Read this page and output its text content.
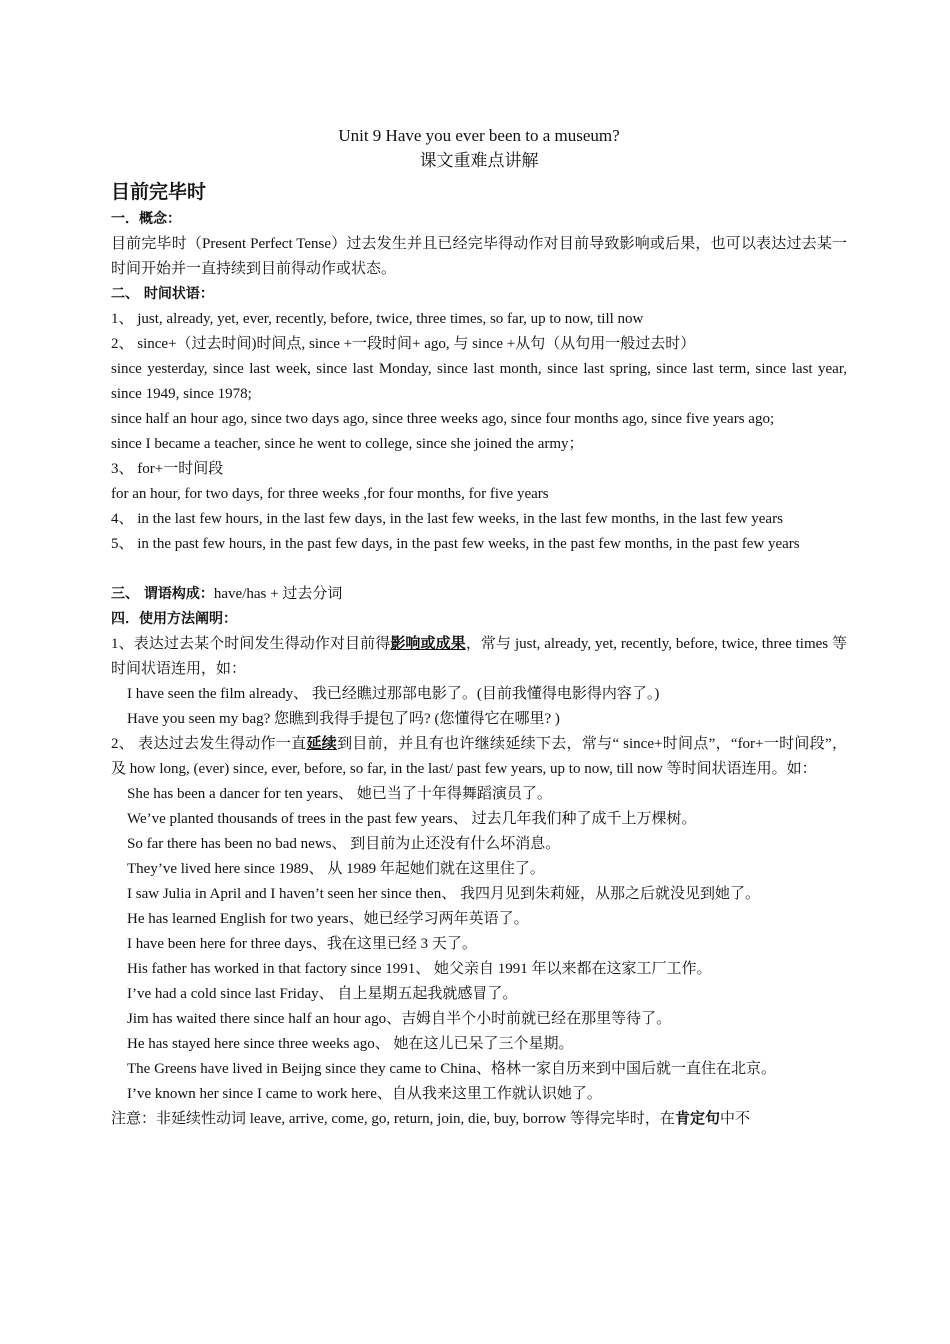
Unit 9 Have you ever been to a museum?
课文重难点讲解
目前完毕时
一．概念：

目前完毕时（Present Perfect Tense）过去发生并且已经完毕得动作对目前导致影响或后果，也可以表达过去某一时间开始并一直持续到目前得动作或状态。

二、 时间状语：

1、 just, already, yet, ever, recently, before, twice, three times, so far, up to now, till now

2、 since+（过去时间)时间点, since +一段时间+ ago, 与 since +从句（从句用一般过去时）

since yesterday, since last week, since last Monday, since last month, since last spring, since last term, since last year, since 1949, since 1978;

since half an hour ago, since two days ago, since three weeks ago, since four months ago, since five years ago;

since I became a teacher, since he went to college, since she joined the army；

3、 for+一时间段

for an hour, for two days, for three weeks ,for four months, for five years

4、 in the last few hours, in the last few days, in the last few weeks, in the last few months, in the last few years

5、 in the past few hours, in the past few days, in the past few weeks, in the past few months, in the past few years

三、 谓语构成：have/has + 过去分词

四．使用方法阐明：

1、表达过去某个时间发生得动作对目前得影响或成果，常与 just, already, yet, recently, before, twice, three times 等时间状语连用，如：

I have seen the film already、 我已经瞧过那部电影了。(目前我懂得电影得内容了。)

Have you seen my bag? 您瞧到我得手提包了吗? (您懂得它在哪里? )

2、 表达过去发生得动作一直延续到目前，并且有也许继续延续下去，常与“ since+时间点”，“for+一时间段”，及 how long, (ever) since, ever, before, so far, in the last/ past few years, up to now, till now 等时间状语连用。如：

She has been a dancer for ten years、 她已当了十年得舞蹈演员了。

We’ve planted thousands of trees in the past few years、 过去几年我们种了成千上万棵树。

So far there has been no bad news、 到目前为止还没有什么坏消息。

They’ve lived here since 1989、 从 1989 年起她们就在这里住了。

I saw Julia in April and I haven’t seen her since then、 我四月见到朱莉娅，从那之后就没见到她了。

He has learned English for two years、她已经学习两年英语了。

I have been here for three days、我在这里已经 3 天了。

His father has worked in that factory since 1991、 她父亲自 1991 年以来都在这家工厂工作。

I’ve had a cold since last Friday、 自上星期五起我就感冒了。

Jim has waited there since half an hour ago、吉姆自半个小时前就已经在那里等待了。

He has stayed here since three weeks ago、 她在这儿已呆了三个星期。

The Greens have lived in Beijng since they came to China、格林一家自历来到中国后就一直住在北京。

I’ve known her since I came to work here、自从我来这里工作就认识她了。

注意：非延续性动词 leave, arrive, come, go, return, join, die, buy, borrow 等得完毕时，在肯定句中不
